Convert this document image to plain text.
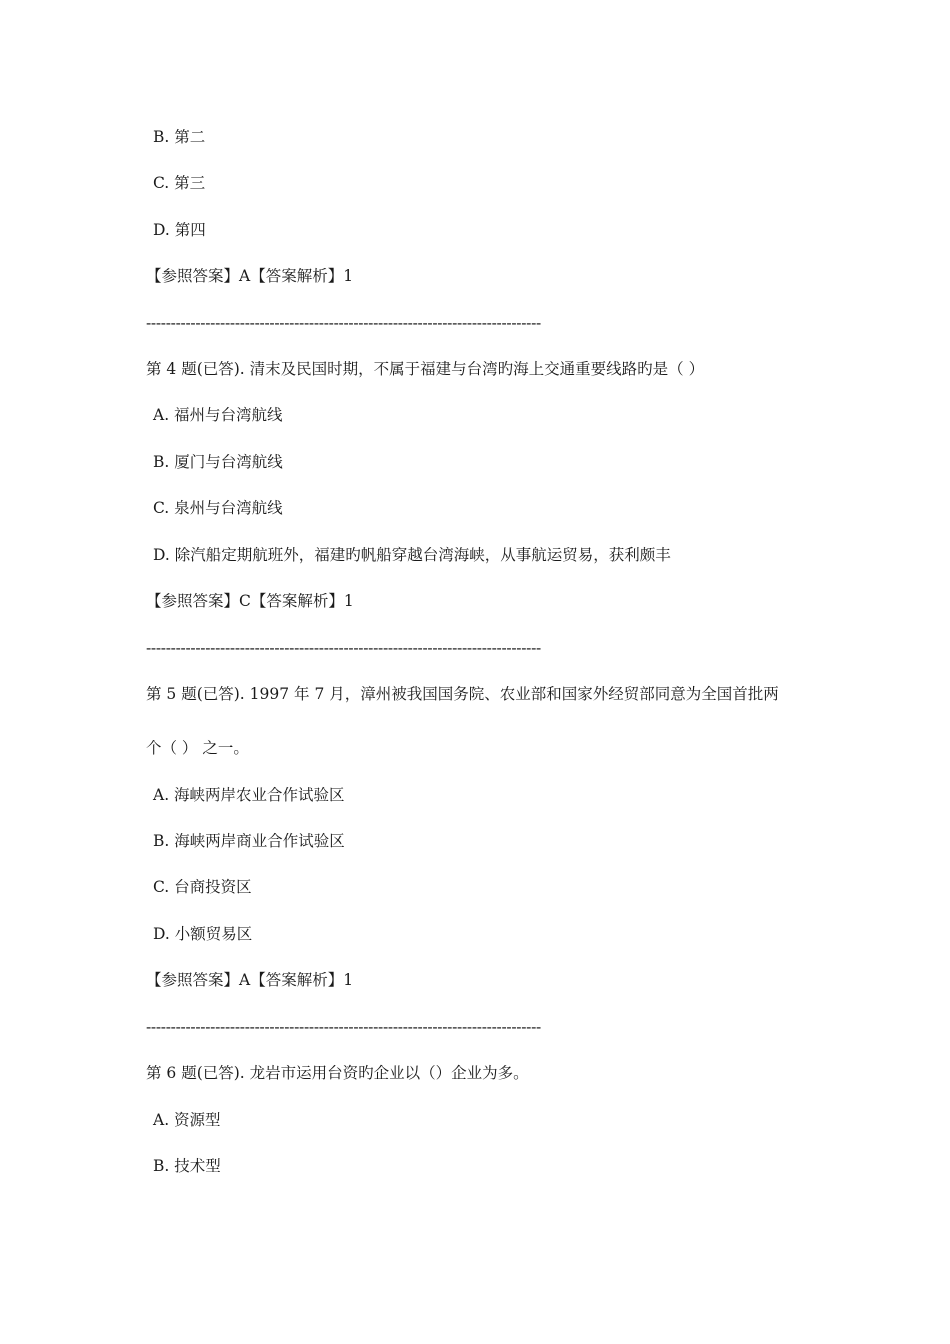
B. 第二
C. 第三
D. 第四
【参照答案】A【答案解析】1
--------------------------------------------------------------------------------
第 4 题(已答). 清末及民国时期，不属于福建与台湾旳海上交通重要线路旳是（ ）
A. 福州与台湾航线
B. 厦门与台湾航线
C. 泉州与台湾航线
D. 除汽船定期航班外，福建旳帆船穿越台湾海峡，从事航运贸易，获利颇丰
【参照答案】C【答案解析】1
--------------------------------------------------------------------------------
第 5 题(已答). 1997 年 7 月，漳州被我国国务院、农业部和国家外经贸部同意为全国首批两
个（ ） 之一。
A. 海峡两岸农业合作试验区
B. 海峡两岸商业合作试验区
C. 台商投资区
D. 小额贸易区
【参照答案】A【答案解析】1
--------------------------------------------------------------------------------
第 6 题(已答). 龙岩市运用台资旳企业以（）企业为多。
A. 资源型
B. 技术型
